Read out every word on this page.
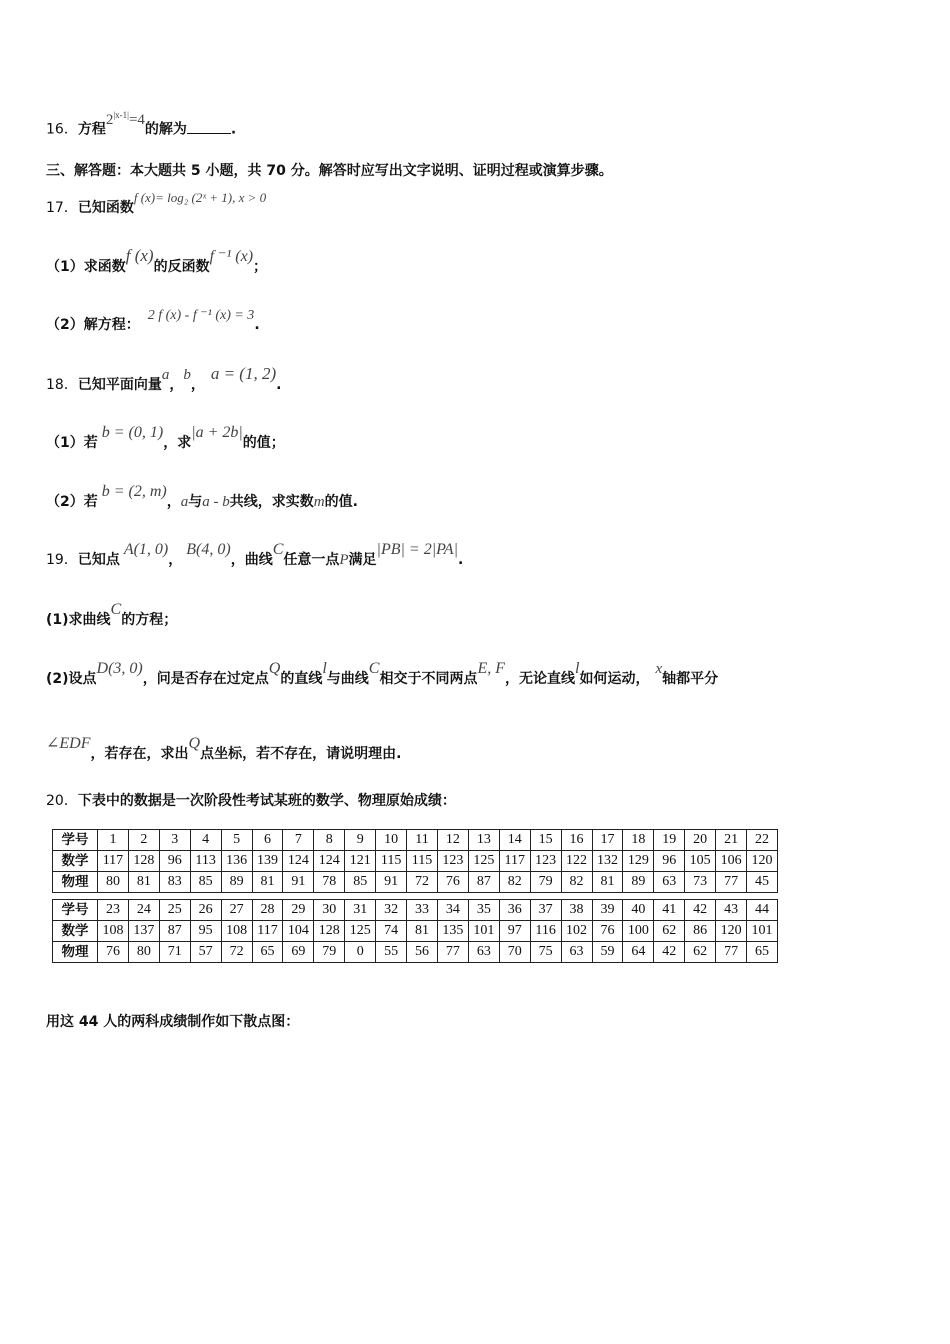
16．方程$2^{|x-1|}=4$的解为	.
三、解答题：本大题共 5 小题，共 70 分。解答时应写出文字说明、证明过程或演算步骤。
17．已知函数f (x)= log₂ (2ˣ + 1), x > 0
（1）求函数f (x)的反函数f ⁻¹ (x)；
（2）解方程：2 f (x) - f ⁻¹ (x) = 3.
18．已知平面向量a，b，a = (1, 2).
（1）若b = (0, 1)，求|a + 2b|的值；
（2）若b = (2, m)，a与a - b共线，求实数m的值.
19．已知点A(1, 0)，B(4, 0)，曲线C任意一点P满足|PB| = 2|PA|.
(1)求曲线C的方程；
(2)设点D(3, 0)，问是否存在过定点Q的直线l与曲线C相交于不同两点E, F，无论直线l如何运动，x轴都平分
∠EDF，若存在，求出Q点坐标，若不存在，请说明理由.
20．下表中的数据是一次阶段性考试某班的数学、物理原始成绩：
学号	1	2	3	4	5	6	7	8	9	10	11	12	13	14	15	16	17	18	19	20	21	22
数学	117	128	96	113	136	139	124	124	121	115	115	123	125	117	123	122	132	129	96	105	106	120
物理	80	81	83	85	89	81	91	78	85	91	72	76	87	82	79	82	81	89	63	73	77	45
学号	23	24	25	26	27	28	29	30	31	32	33	34	35	36	37	38	39	40	41	42	43	44
数学	108	137	87	95	108	117	104	128	125	74	81	135	101	97	116	102	76	100	62	86	120	101
物理	76	80	71	57	72	65	69	79	0	55	56	77	63	70	75	63	59	64	42	62	77	65
用这 44 人的两科成绩制作如下散点图：
